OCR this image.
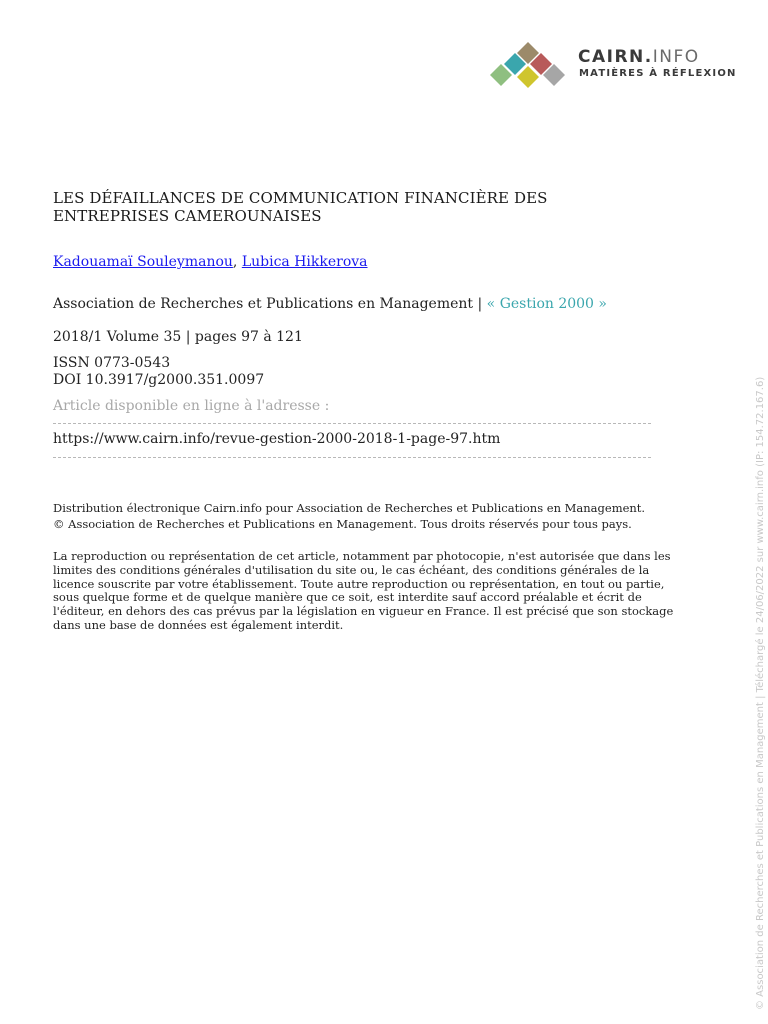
CAIRN.INFO
MATIÈRES À RÉFLEXION
LES DÉFAILLANCES DE COMMUNICATION FINANCIÈRE DES
ENTREPRISES CAMEROUNAISES
Kadouamaï Souleymanou, Lubica Hikkerova
Association de Recherches et Publications en Management | « Gestion 2000 »
2018/1 Volume 35 | pages 97 à 121
ISSN 0773-0543
DOI 10.3917/g2000.351.0097
Article disponible en ligne à l'adresse :
https://www.cairn.info/revue-gestion-2000-2018-1-page-97.htm
Distribution électronique Cairn.info pour Association de Recherches et Publications en Management.
© Association de Recherches et Publications en Management. Tous droits réservés pour tous pays.
La reproduction ou représentation de cet article, notamment par photocopie, n'est autorisée que dans les
limites des conditions générales d'utilisation du site ou, le cas échéant, des conditions générales de la
licence souscrite par votre établissement. Toute autre reproduction ou représentation, en tout ou partie,
sous quelque forme et de quelque manière que ce soit, est interdite sauf accord préalable et écrit de
l'éditeur, en dehors des cas prévus par la législation en vigueur en France. Il est précisé que son stockage
dans une base de données est également interdit.	© Association de Recherches et Publications en Management | Téléchargé le 24/06/2022 sur www.cairn.info (IP: 154.72.167.6)
